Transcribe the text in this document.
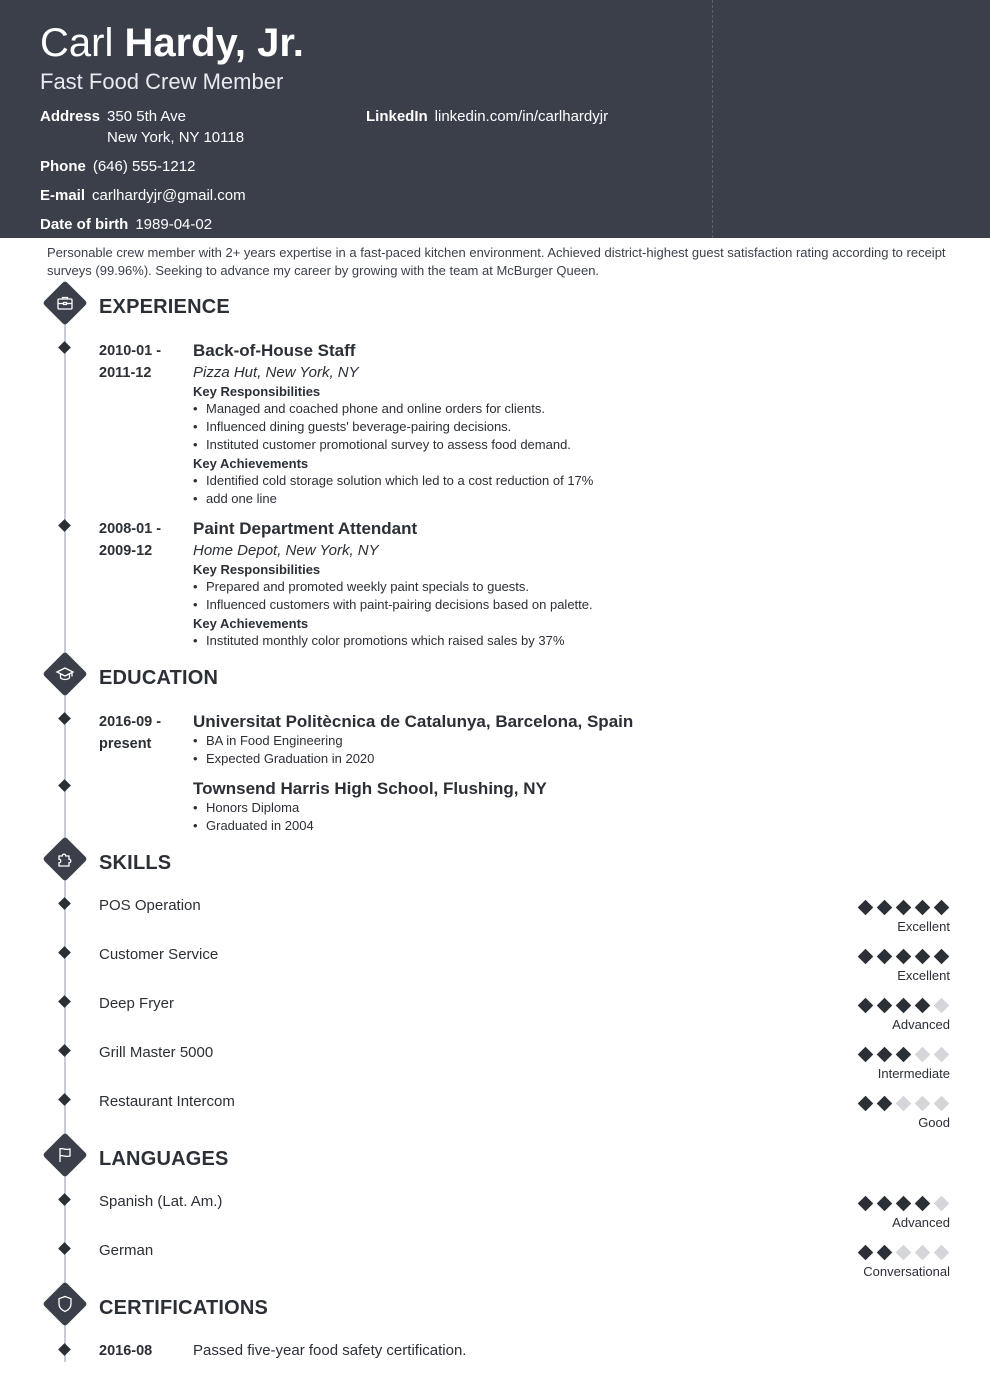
Carl Hardy, Jr.
Fast Food Crew Member
Address 350 5th Ave
New York, NY 10118
LinkedIn linkedin.com/in/carlhardyjr
Phone (646) 555-1212
E-mail carlhardyjr@gmail.com
Date of birth 1989-04-02
Personable crew member with 2+ years expertise in a fast-paced kitchen environment. Achieved district-highest guest satisfaction rating according to receipt surveys (99.96%). Seeking to advance my career by growing with the team at McBurger Queen.
EXPERIENCE
2010-01 -
2011-12
Back-of-House Staff
Pizza Hut, New York, NY
Key Responsibilities
• Managed and coached phone and online orders for clients.
• Influenced dining guests' beverage-pairing decisions.
• Instituted customer promotional survey to assess food demand.
Key Achievements
• Identified cold storage solution which led to a cost reduction of 17%
• add one line
2008-01 -
2009-12
Paint Department Attendant
Home Depot, New York, NY
Key Responsibilities
• Prepared and promoted weekly paint specials to guests.
• Influenced customers with paint-pairing decisions based on palette.
Key Achievements
• Instituted monthly color promotions which raised sales by 37%
EDUCATION
2016-09 -
present
Universitat Politècnica de Catalunya, Barcelona, Spain
• BA in Food Engineering
• Expected Graduation in 2020
Townsend Harris High School, Flushing, NY
• Honors Diploma
• Graduated in 2004
SKILLS
POS Operation
Excellent
Customer Service
Excellent
Deep Fryer
Advanced
Grill Master 5000
Intermediate
Restaurant Intercom
Good
LANGUAGES
Spanish (Lat. Am.)
Advanced
German
Conversational
CERTIFICATIONS
2016-08	Passed five-year food safety certification.
